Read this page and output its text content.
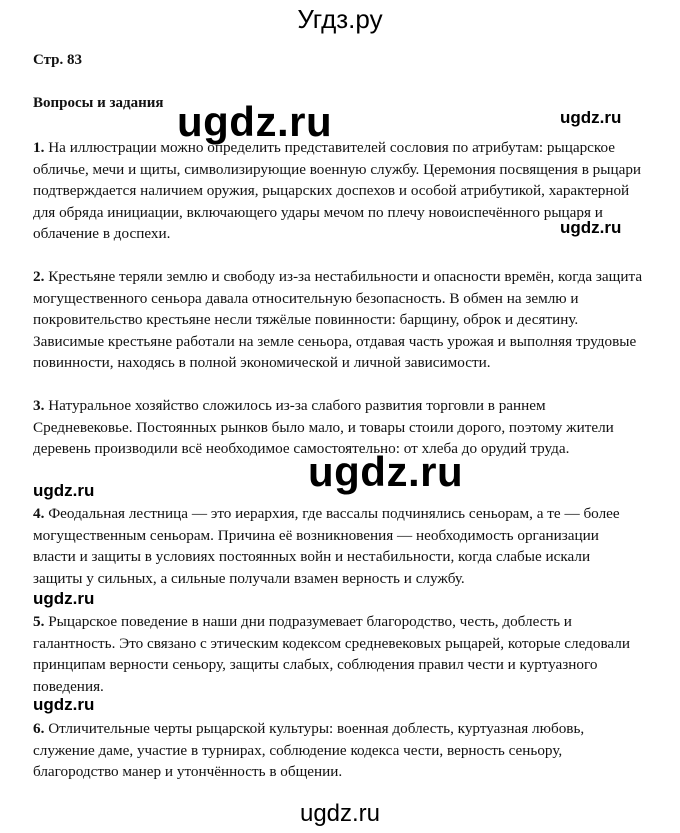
Угдз.ру
Стр. 83
Вопросы и задания ugdz.ru	ugdz.ru
1. На иллюстрации можно определить представителей сословия по атрибутам: рыцарское обличье, мечи и щиты, символизирующие военную службу. Церемония посвящения в рыцари подтверждается наличием оружия, рыцарских доспехов и особой атрибутикой, характерной для обряда инициации, включающего удары мечом по плечу новоиспечённого рыцаря и облачение в доспехи.	ugdz.ru
2. Крестьяне теряли землю и свободу из-за нестабильности и опасности времён, когда защита могущественного сеньора давала относительную безопасность. В обмен на землю и покровительство крестьяне несли тяжёлые повинности: барщину, оброк и десятину. Зависимые крестьяне работали на земле сеньора, отдавая часть урожая и выполняя трудовые повинности, находясь в полной экономической и личной зависимости.
3. Натуральное хозяйство сложилось из-за слабого развития торговли в раннем Средневековье. Постоянных рынков было мало, и товары стоили дорого, поэтому жители деревень производили всё необходимое самостоятельно: от хлеба до орудий труда.
ugdz.ru
ugdz.ru
4. Феодальная лестница — это иерархия, где вассалы подчинялись сеньорам, а те — более могущественным сеньорам. Причина её возникновения — необходимость организации власти и защиты в условиях постоянных войн и нестабильности, когда слабые искали защиты у сильных, а сильные получали взамен верность и службу.
ugdz.ru
5. Рыцарское поведение в наши дни подразумевает благородство, честь, доблесть и галантность. Это связано с этическим кодексом средневековых рыцарей, которые следовали принципам верности сеньору, защиты слабых, соблюдения правил чести и куртуазного поведения.
ugdz.ru
6. Отличительные черты рыцарской культуры: военная доблесть, куртуазная любовь, служение даме, участие в турнирах, соблюдение кодекса чести, верность сеньору, благородство манер и утончённость в общении.
ugdz.ru
